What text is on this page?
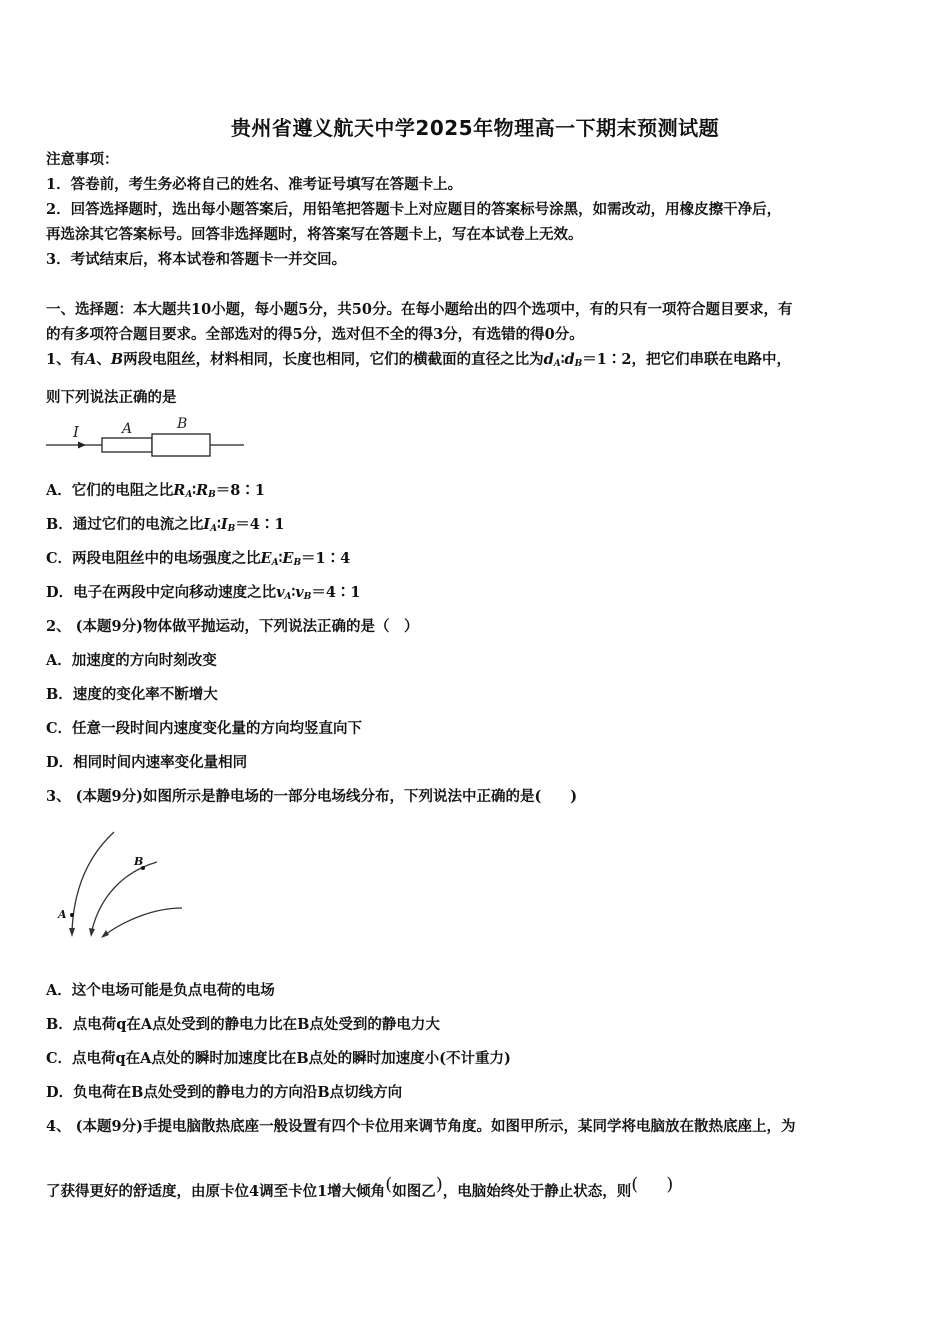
贵州省遵义航天中学2025年物理高一下期末预测试题
注意事项：
1．答卷前，考生务必将自己的姓名、准考证号填写在答题卡上。
2．回答选择题时，选出每小题答案后，用铅笔把答题卡上对应题目的答案标号涂黑，如需改动，用橡皮擦干净后，
再选涂其它答案标号。回答非选择题时，将答案写在答题卡上，写在本试卷上无效。
3．考试结束后，将本试卷和答题卡一并交回。
一、选择题：本大题共10小题，每小题5分，共50分。在每小题给出的四个选项中，有的只有一项符合题目要求，有
的有多项符合题目要求。全部选对的得5分，选对但不全的得3分，有选错的得0分。
1、有A、B两段电阻丝，材料相同，长度也相同，它们的横截面的直径之比为$d_A∶d_B=1∶2$，把它们串联在电路中，
则下列说法正确的是
I	A	B
A．它们的电阻之比$R_A∶R_B=8∶1$
B．通过它们的电流之比$I_A∶I_B=4∶1$
C．两段电阻丝中的电场强度之比$E_A∶E_B=1∶4$
D．电子在两段中定向移动速度之比$v_A∶v_B=4∶1$
2、 (本题9分)物体做平抛运动，下列说法正确的是（　）
A．加速度的方向时刻改变
B．速度的变化率不断增大
C．任意一段时间内速度变化量的方向均竖直向下
D．相同时间内速率变化量相同
3、 (本题9分)如图所示是静电场的一部分电场线分布，下列说法中正确的是(　　)
A
B
A．这个电场可能是负点电荷的电场
B．点电荷q在A点处受到的静电力比在B点处受到的静电力大
C．点电荷q在A点处的瞬时加速度比在B点处的瞬时加速度小(不计重力)
D．负电荷在B点处受到的静电力的方向沿B点切线方向
4、 (本题9分)手提电脑散热底座一般设置有四个卡位用来调节角度。如图甲所示，某同学将电脑放在散热底座上，为
了获得更好的舒适度，由原卡位4调至卡位1增大倾角(如图乙)，电脑始终处于静止状态，则( )
